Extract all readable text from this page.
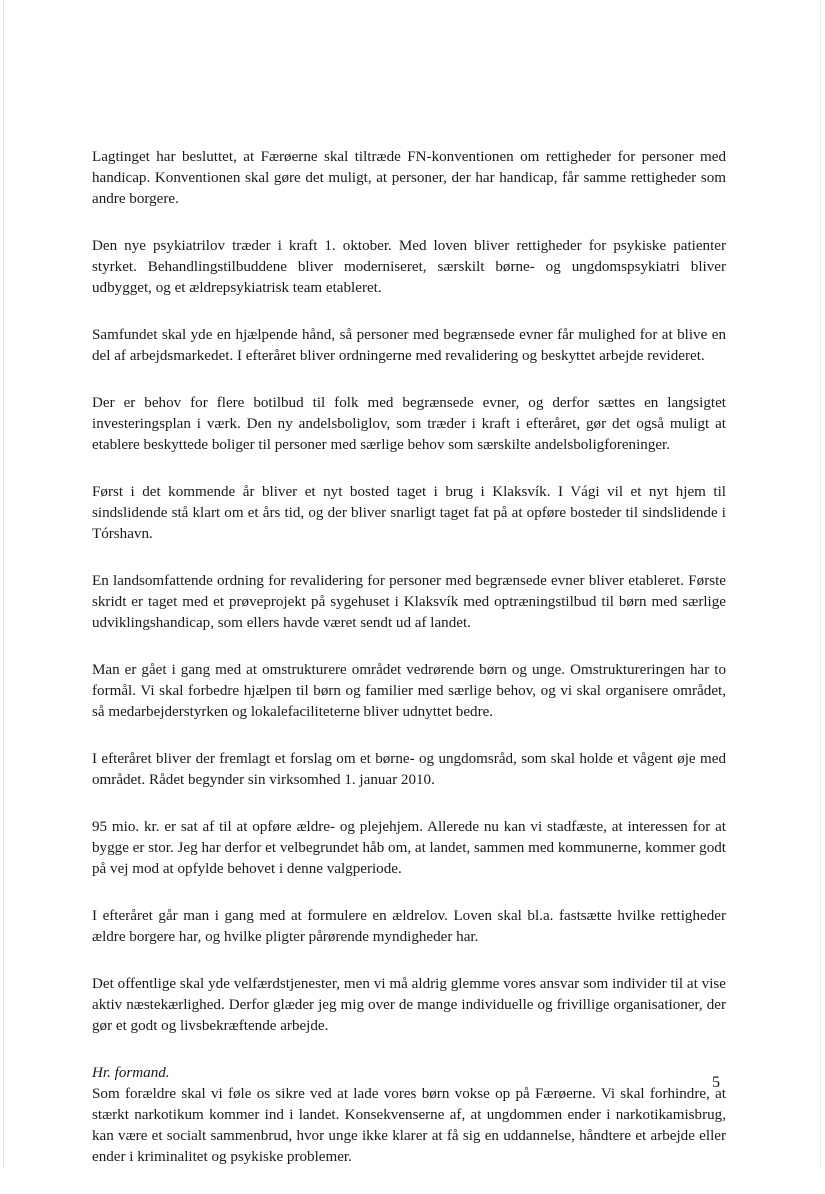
Lagtinget har besluttet, at Færøerne skal tiltræde FN-konventionen om rettigheder for personer med handicap. Konventionen skal gøre det muligt, at personer, der har handicap, får samme rettigheder som andre borgere.

Den nye psykiatrilov træder i kraft 1. oktober. Med loven bliver rettigheder for psykiske patienter styrket. Behandlingstilbuddene bliver moderniseret, særskilt børne- og ungdomspsykiatri bliver udbygget, og et ældrepsykiatrisk team etableret.

Samfundet skal yde en hjælpende hånd, så personer med begrænsede evner får mulighed for at blive en del af arbejdsmarkedet. I efteråret bliver ordningerne med revalidering og beskyttet arbejde revideret.

Der er behov for flere botilbud til folk med begrænsede evner, og derfor sættes en langsigtet investeringsplan i værk. Den ny andelsboliglov, som træder i kraft i efteråret, gør det også muligt at etablere beskyttede boliger til personer med særlige behov som særskilte andelsboligforeninger.

Først i det kommende år bliver et nyt bosted taget i brug i Klaksvík. I Vági vil et nyt hjem til sindslidende stå klart om et års tid, og der bliver snarligt taget fat på at opføre bosteder til sindslidende i Tórshavn.

En landsomfattende ordning for revalidering for personer med begrænsede evner bliver etableret. Første skridt er taget med et prøveprojekt på sygehuset i Klaksvík med optræningstilbud til børn med særlige udviklingshandicap, som ellers havde været sendt ud af landet.

Man er gået i gang med at omstrukturere området vedrørende børn og unge. Omstruktureringen har to formål. Vi skal forbedre hjælpen til børn og familier med særlige behov, og vi skal organisere området, så medarbejderstyrken og lokalefaciliteterne bliver udnyttet bedre.

I efteråret bliver der fremlagt et forslag om et børne- og ungdomsråd, som skal holde et vågent øje med området. Rådet begynder sin virksomhed 1. januar 2010.

95 mio. kr. er sat af til at opføre ældre- og plejehjem. Allerede nu kan vi stadfæste, at interessen for at bygge er stor. Jeg har derfor et velbegrundet håb om, at landet, sammen med kommunerne, kommer godt på vej mod at opfylde behovet i denne valgperiode.

I efteråret går man i gang med at formulere en ældrelov. Loven skal bl.a. fastsætte hvilke rettigheder ældre borgere har, og hvilke pligter pårørende myndigheder har.

Det offentlige skal yde velfærdstjenester, men vi må aldrig glemme vores ansvar som individer til at vise aktiv næstekærlighed. Derfor glæder jeg mig over de mange individuelle og frivillige organisationer, der gør et godt og livsbekræftende arbejde.

Hr. formand.

Som forældre skal vi føle os sikre ved at lade vores børn vokse op på Færøerne. Vi skal forhindre, at stærkt narkotikum kommer ind i landet. Konsekvenserne af, at ungdommen ender i narkotikamisbrug, kan være et socialt sammenbrud, hvor unge ikke klarer at få sig en uddannelse, håndtere et arbejde eller ender i kriminalitet og psykiske problemer.

5
